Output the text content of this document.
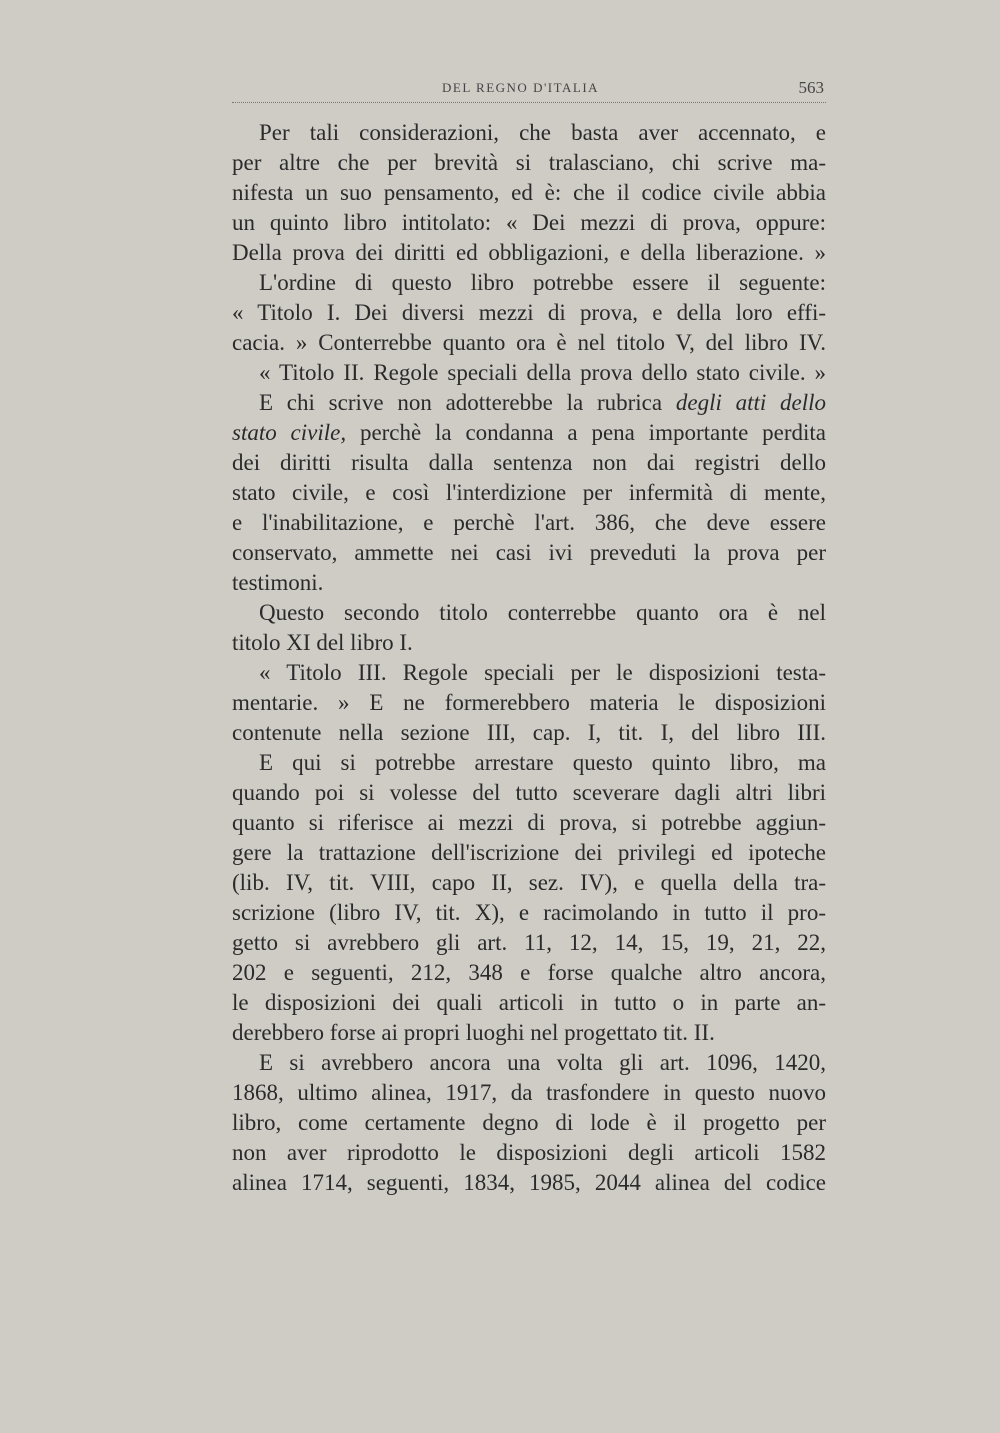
DEL REGNO D'ITALIA	563
Per tali considerazioni, che basta aver accennato, e
per altre che per brevità si tralasciano, chi scrive ma-
nifesta un suo pensamento, ed è: che il codice civile abbia
un quinto libro intitolato: « Dei mezzi di prova, oppure:
Della prova dei diritti ed obbligazioni, e della liberazione. »
L'ordine di questo libro potrebbe essere il seguente:
« Titolo I. Dei diversi mezzi di prova, e della loro effi-
cacia. » Conterrebbe quanto ora è nel titolo V, del libro IV.
« Titolo II. Regole speciali della prova dello stato civile. »
E chi scrive non adotterebbe la rubrica degli atti dello
stato civile, perchè la condanna a pena importante perdita
dei diritti risulta dalla sentenza non dai registri dello
stato civile, e così l'interdizione per infermità di mente,
e l'inabilitazione, e perchè l'art. 386, che deve essere
conservato, ammette nei casi ivi preveduti la prova per
testimoni.
Questo secondo titolo conterrebbe quanto ora è nel
titolo XI del libro I.
« Titolo III. Regole speciali per le disposizioni testa-
mentarie. » E ne formerebbero materia le disposizioni
contenute nella sezione III, cap. I, tit. I, del libro III.
E qui si potrebbe arrestare questo quinto libro, ma
quando poi si volesse del tutto sceverare dagli altri libri
quanto si riferisce ai mezzi di prova, si potrebbe aggiun-
gere la trattazione dell'iscrizione dei privilegi ed ipoteche
(lib. IV, tit. VIII, capo II, sez. IV), e quella della tra-
scrizione (libro IV, tit. X), e racimolando in tutto il pro-
getto si avrebbero gli art. 11, 12, 14, 15, 19, 21, 22,
202 e seguenti, 212, 348 e forse qualche altro ancora,
le disposizioni dei quali articoli in tutto o in parte an-
derebbero forse ai propri luoghi nel progettato tit. II.
E si avrebbero ancora una volta gli art. 1096, 1420,
1868, ultimo alinea, 1917, da trasfondere in questo nuovo
libro, come certamente degno di lode è il progetto per
non aver riprodotto le disposizioni degli articoli 1582
alinea 1714, seguenti, 1834, 1985, 2044 alinea del codice
